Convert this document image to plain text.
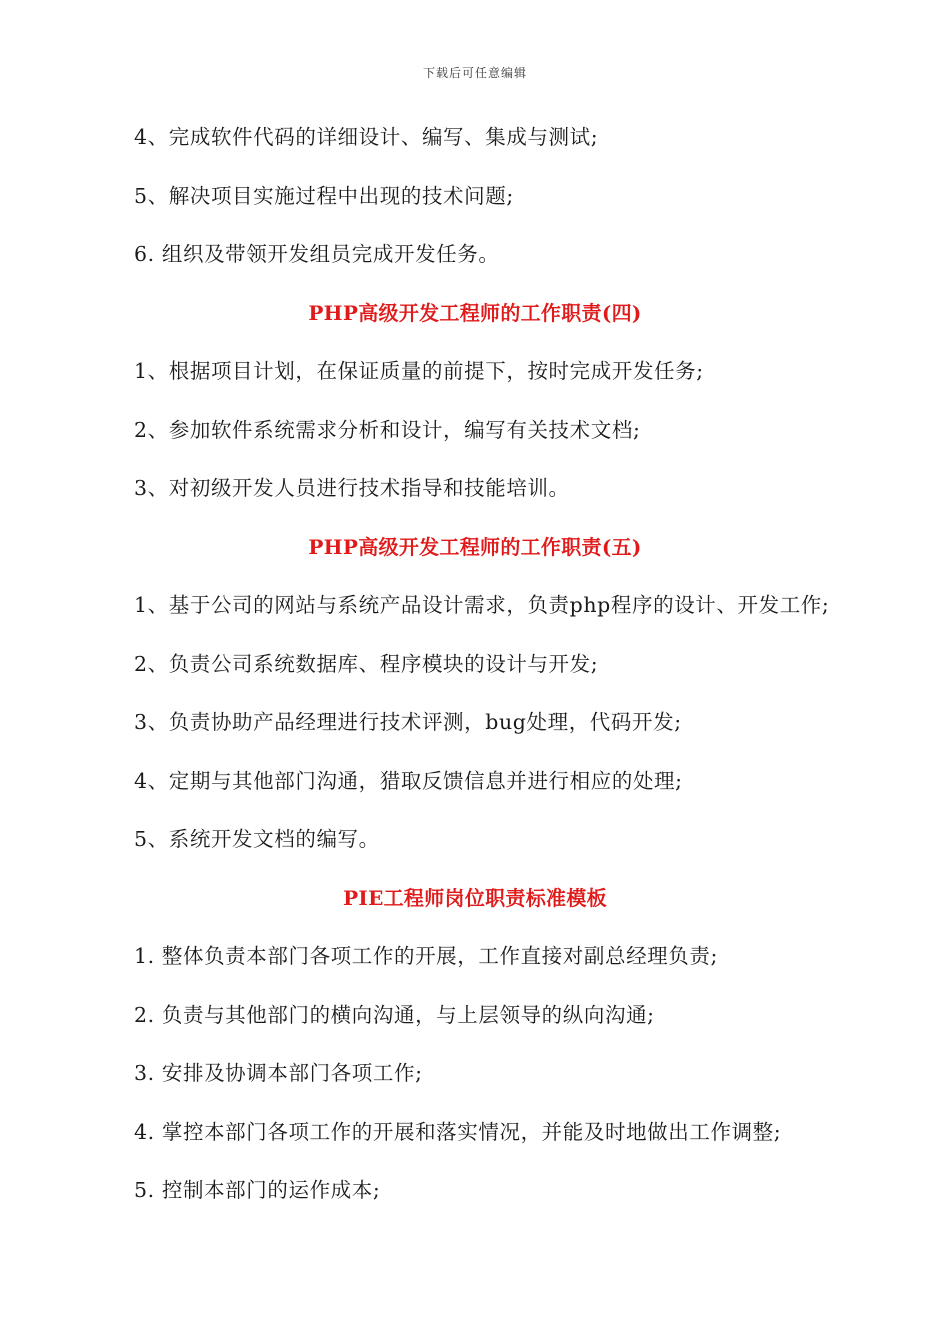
下载后可任意编辑
4、完成软件代码的详细设计、编写、集成与测试;
5、解决项目实施过程中出现的技术问题;
6. 组织及带领开发组员完成开发任务。
PHP高级开发工程师的工作职责(四)
1、根据项目计划，在保证质量的前提下，按时完成开发任务;
2、参加软件系统需求分析和设计，编写有关技术文档;
3、对初级开发人员进行技术指导和技能培训。
PHP高级开发工程师的工作职责(五)
1、基于公司的网站与系统产品设计需求，负责php程序的设计、开发工作;
2、负责公司系统数据库、程序模块的设计与开发;
3、负责协助产品经理进行技术评测，bug处理，代码开发;
4、定期与其他部门沟通，猎取反馈信息并进行相应的处理;
5、系统开发文档的编写。
PIE工程师岗位职责标准模板
1. 整体负责本部门各项工作的开展，工作直接对副总经理负责;
2. 负责与其他部门的横向沟通，与上层领导的纵向沟通;
3. 安排及协调本部门各项工作;
4. 掌控本部门各项工作的开展和落实情况，并能及时地做出工作调整;
5. 控制本部门的运作成本;
